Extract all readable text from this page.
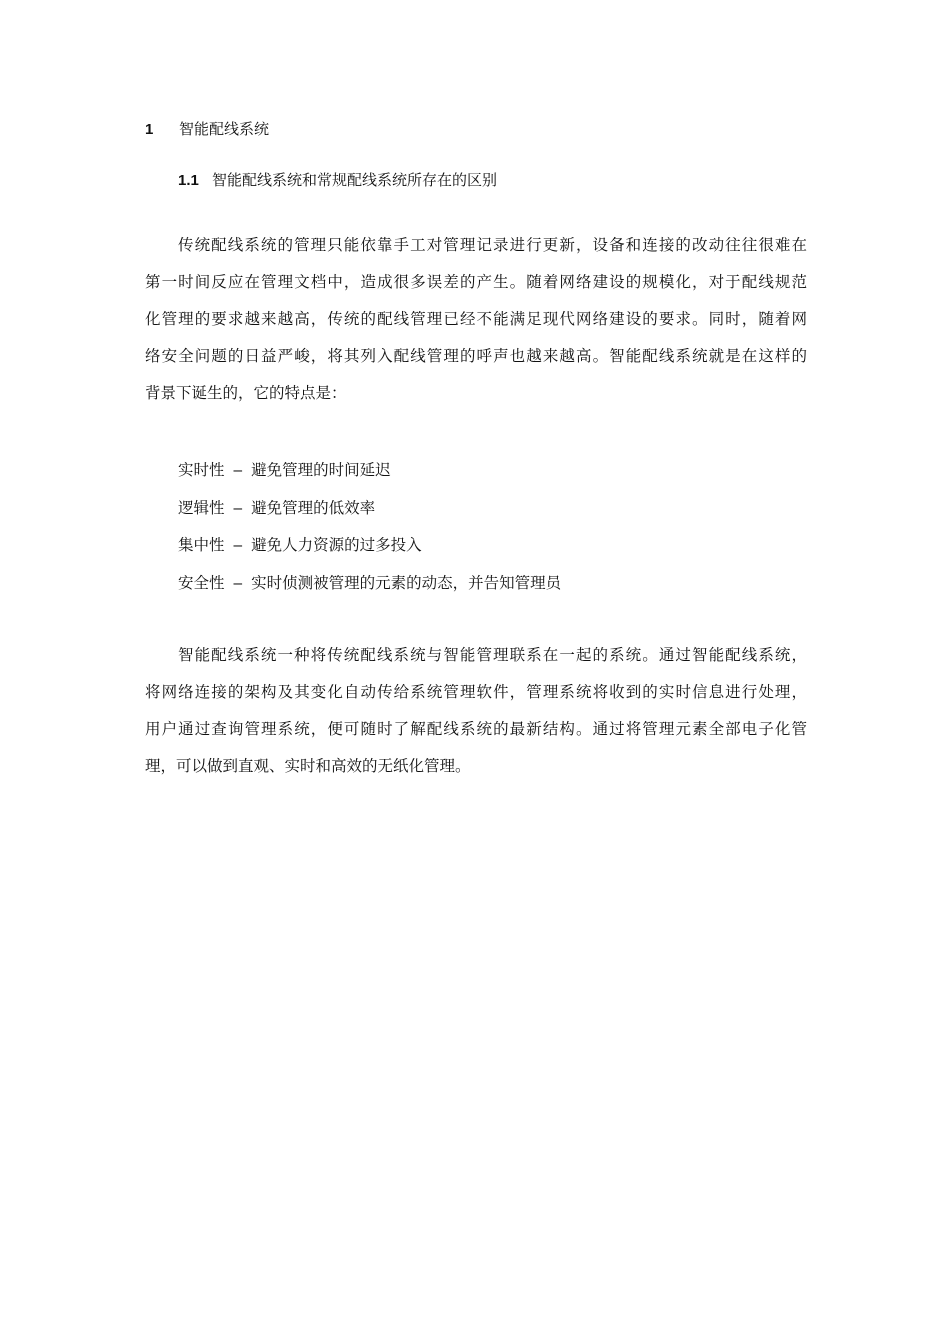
1	智能配线系统
1.1 智能配线系统和常规配线系统所存在的区别

传统配线系统的管理只能依靠手工对管理记录进行更新，设备和连接的改动往往很难在
第一时间反应在管理文档中，造成很多误差的产生。随着网络建设的规模化，对于配线规范
化管理的要求越来越高，传统的配线管理已经不能满足现代网络建设的要求。同时，随着网
络安全问题的日益严峻，将其列入配线管理的呼声也越来越高。智能配线系统就是在这样的
背景下诞生的，它的特点是：

实时性 – 避免管理的时间延迟
逻辑性 – 避免管理的低效率
集中性 – 避免人力资源的过多投入
安全性 – 实时侦测被管理的元素的动态，并告知管理员

智能配线系统一种将传统配线系统与智能管理联系在一起的系统。通过智能配线系统，
将网络连接的架构及其变化自动传给系统管理软件，管理系统将收到的实时信息进行处理，
用户通过查询管理系统，便可随时了解配线系统的最新结构。通过将管理元素全部电子化管
理，可以做到直观、实时和高效的无纸化管理。
